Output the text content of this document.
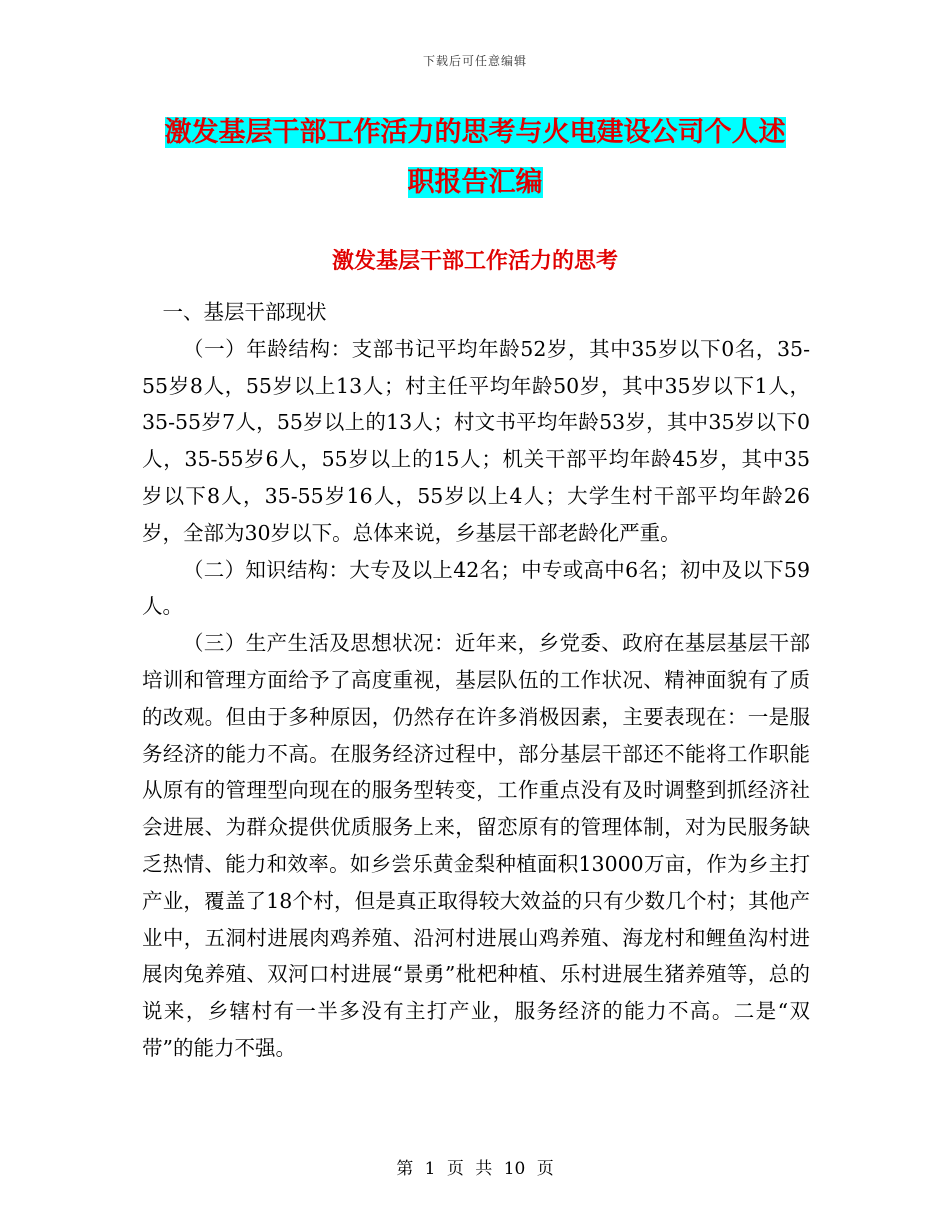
下载后可任意编辑
激发基层干部工作活力的思考与火电建设公司个人述
职报告汇编
激发基层干部工作活力的思考

一、基层干部现状

（一）年龄结构：支部书记平均年龄52岁，其中35岁以下0名，35-55岁8人，55岁以上13人；村主任平均年龄50岁，其中35岁以下1人，35-55岁7人，55岁以上的13人；村文书平均年龄53岁，其中35岁以下0人，35-55岁6人，55岁以上的15人；机关干部平均年龄45岁，其中35岁以下8人，35-55岁16人，55岁以上4人；大学生村干部平均年龄26岁，全部为30岁以下。总体来说，乡基层干部老龄化严重。

（二）知识结构：大专及以上42名；中专或高中6名；初中及以下59人。

（三）生产生活及思想状况：近年来，乡党委、政府在基层基层干部培训和管理方面给予了高度重视，基层队伍的工作状况、精神面貌有了质的改观。但由于多种原因，仍然存在许多消极因素，主要表现在：一是服务经济的能力不高。在服务经济过程中，部分基层干部还不能将工作职能从原有的管理型向现在的服务型转变，工作重点没有及时调整到抓经济社会进展、为群众提供优质服务上来，留恋原有的管理体制，对为民服务缺乏热情、能力和效率。如乡尝乐黄金梨种植面积13000万亩，作为乡主打产业，覆盖了18个村，但是真正取得较大效益的只有少数几个村；其他产业中，五洞村进展肉鸡养殖、沿河村进展山鸡养殖、海龙村和鲤鱼沟村进展肉兔养殖、双河口村进展“景勇”枇杷种植、乐村进展生猪养殖等，总的说来，乡辖村有一半多没有主打产业，服务经济的能力不高。二是“双带”的能力不强。

第 1 页 共 10 页
